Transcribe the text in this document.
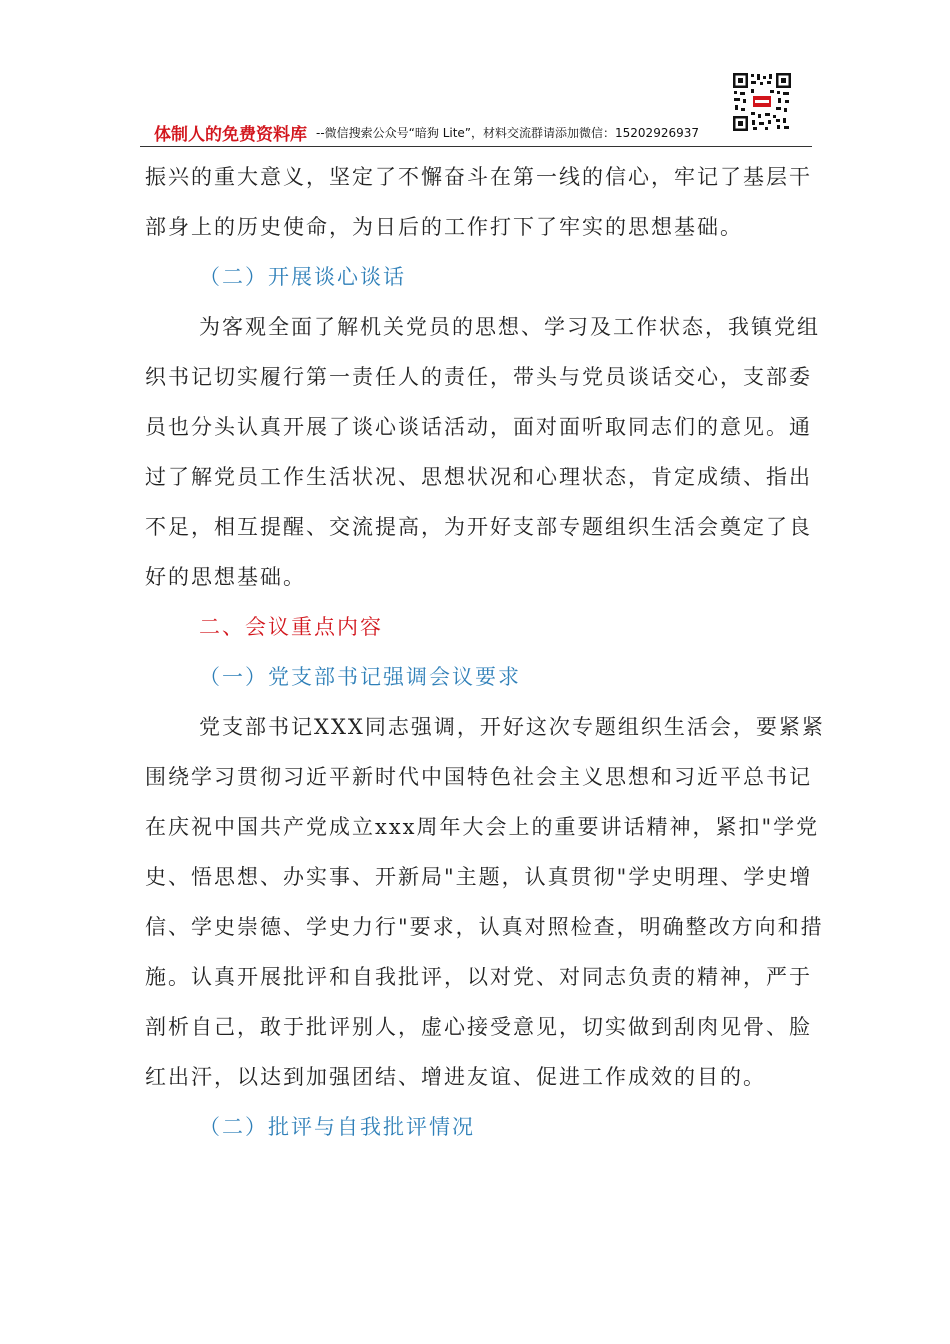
体制人的免费资料库 --微信搜索公众号“暗狗 Lite”，材料交流群请添加微信：15202926937
振兴的重大意义，坚定了不懈奋斗在第一线的信心，牢记了基层干
部身上的历史使命，为日后的工作打下了牢实的思想基础。
（二）开展谈心谈话
为客观全面了解机关党员的思想、学习及工作状态，我镇党组
织书记切实履行第一责任人的责任，带头与党员谈话交心，支部委
员也分头认真开展了谈心谈话活动，面对面听取同志们的意见。通
过了解党员工作生活状况、思想状况和心理状态，肯定成绩、指出
不足，相互提醒、交流提高，为开好支部专题组织生活会奠定了良
好的思想基础。
二、会议重点内容
（一）党支部书记强调会议要求
党支部书记XXX同志强调，开好这次专题组织生活会，要紧紧
围绕学习贯彻习近平新时代中国特色社会主义思想和习近平总书记
在庆祝中国共产党成立xxx周年大会上的重要讲话精神，紧扣"学党
史、悟思想、办实事、开新局"主题，认真贯彻"学史明理、学史增
信、学史崇德、学史力行"要求，认真对照检查，明确整改方向和措
施。认真开展批评和自我批评，以对党、对同志负责的精神，严于
剖析自己，敢于批评别人，虚心接受意见，切实做到刮肉见骨、脸
红出汗，以达到加强团结、增进友谊、促进工作成效的目的。
（二）批评与自我批评情况
